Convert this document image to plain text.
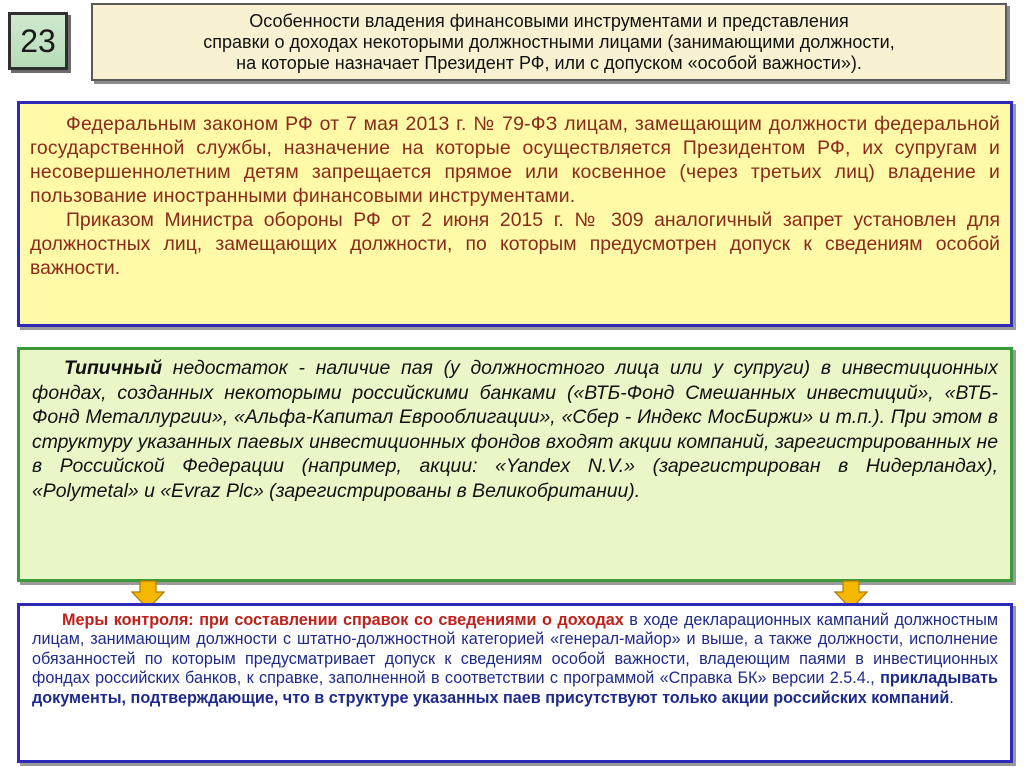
23
Особенности владения финансовыми инструментами и представления
справки о доходах некоторыми должностными лицами (занимающими должности,
на которые назначает Президент РФ, или с допуском «особой важности»).

Федеральным законом РФ от 7 мая 2013 г. № 79-ФЗ лицам, замещающим должности федеральной государственной службы, назначение на которые осуществляется Президентом РФ, их супругам и несовершеннолетним детям запрещается прямое или косвенное (через третьих лиц) владение и пользование иностранными финансовыми инструментами.

Приказом Министра обороны РФ от 2 июня 2015 г. № 309 аналогичный запрет установлен для должностных лиц, замещающих должности, по которым предусмотрен допуск к сведениям особой важности.

Типичный недостаток - наличие пая (у должностного лица или у супруги) в инвестиционных фондах, созданных некоторыми российскими банками («ВТБ-Фонд Смешанных инвестиций», «ВТБ-Фонд Металлургии», «Альфа-Капитал Еврооблигации», «Сбер - Индекс МосБиржи» и т.п.). При этом в структуру указанных паевых инвестиционных фондов входят акции компаний, зарегистрированных не в Российской Федерации (например, акции: «Yandex N.V.» (зарегистрирован в Нидерландах), «Polymetal» и «Evraz Plc» (зарегистрированы в Великобритании).

Меры контроля: при составлении справок со сведениями о доходах в ходе декларационных кампаний должностным лицам, занимающим должности с штатно-должностной категорией «генерал-майор» и выше, а также должности, исполнение обязанностей по которым предусматривает допуск к сведениям особой важности, владеющим паями в инвестиционных фондах российских банков, к справке, заполненной в соответствии с программой «Справка БК» версии 2.5.4., прикладывать документы, подтверждающие, что в структуре указанных паев присутствуют только акции российских компаний.
